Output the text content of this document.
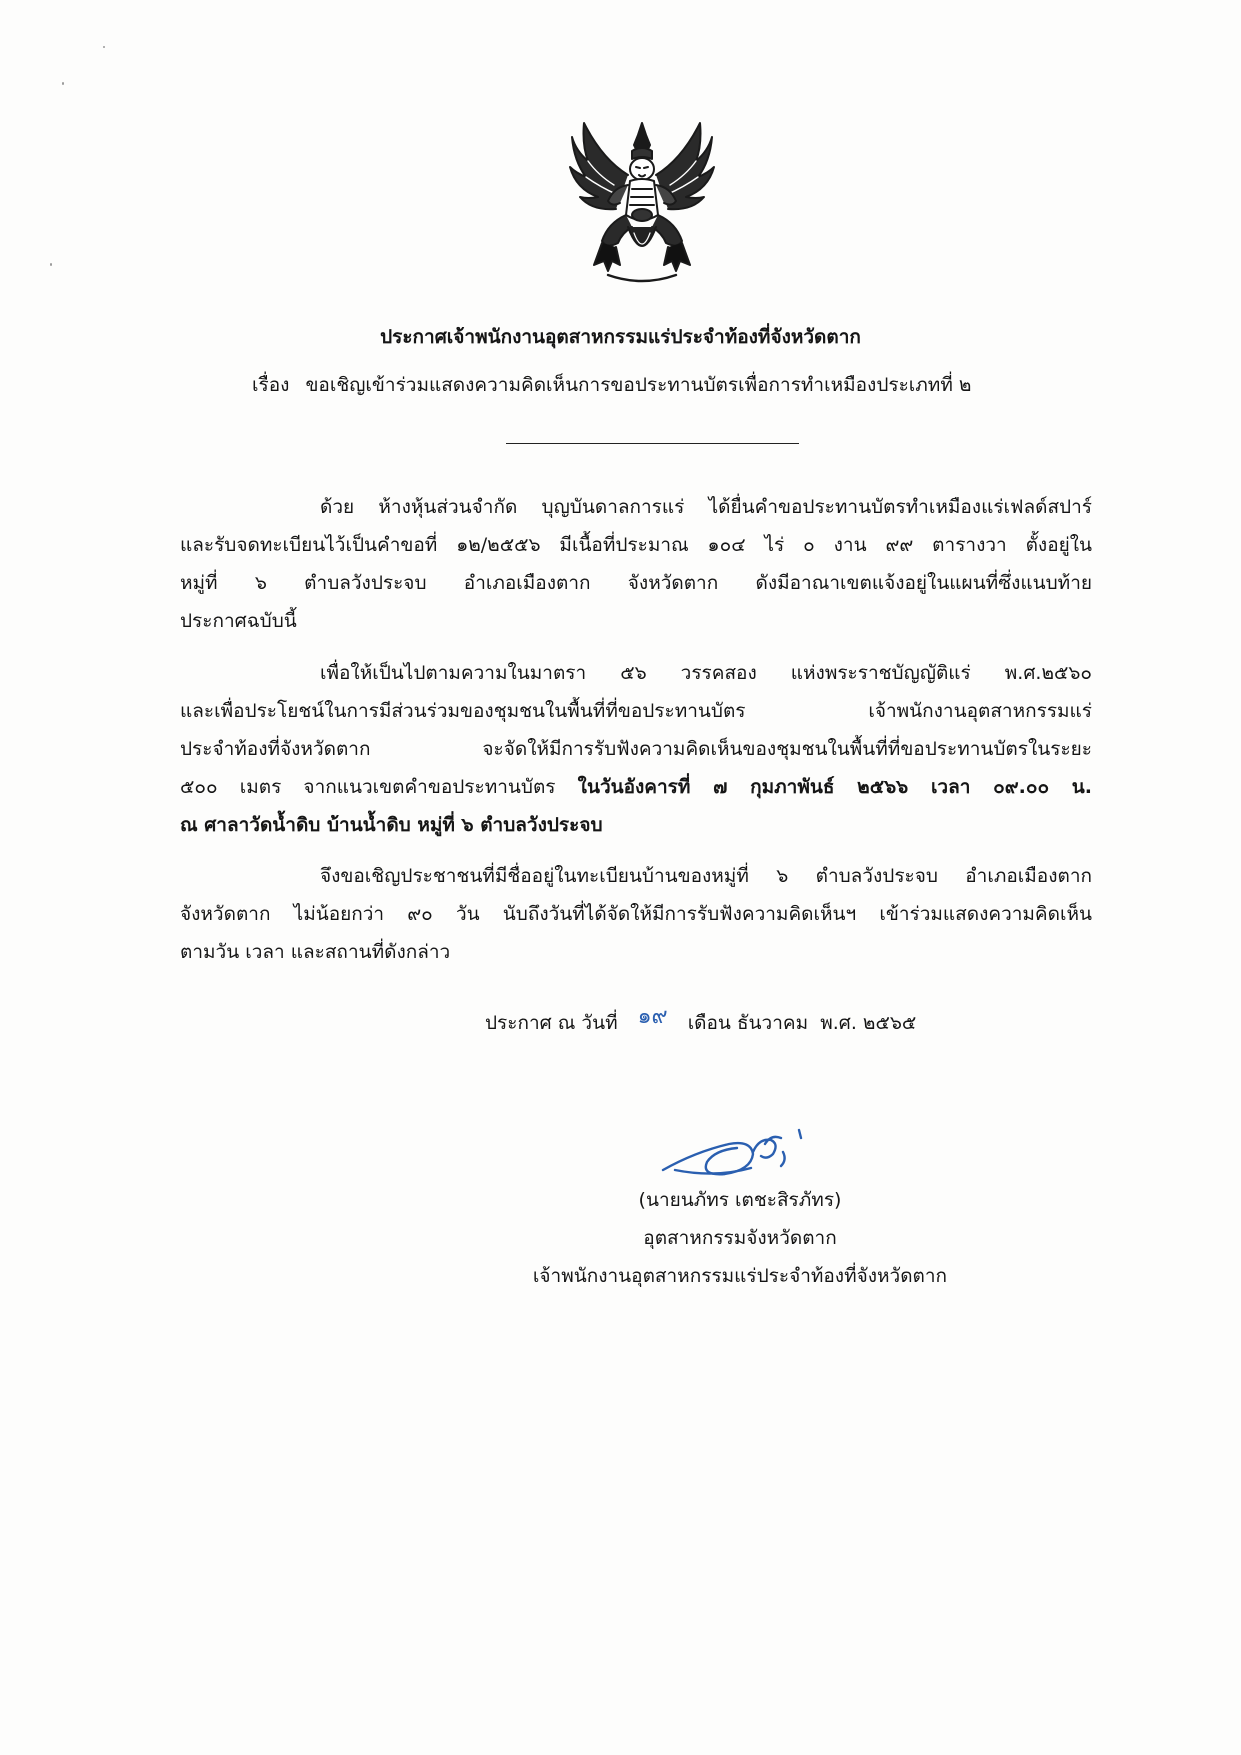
ประกาศเจ้าพนักงานอุตสาหกรรมแร่ประจำท้องที่จังหวัดตาก
เรื่อง ขอเชิญเข้าร่วมแสดงความคิดเห็นการขอประทานบัตรเพื่อการทำเหมืองประเภทที่ ๒
ด้วย ห้างหุ้นส่วนจำกัด บุญบันดาลการแร่ ได้ยื่นคำขอประทานบัตรทำเหมืองแร่เฟลด์สปาร์
และรับจดทะเบียนไว้เป็นคำขอที่ ๑๒/๒๕๕๖ มีเนื้อที่ประมาณ ๑๐๔ ไร่ ๐ งาน ๙๙ ตารางวา ตั้งอยู่ใน
หมู่ที่ ๖ ตำบลวังประจบ อำเภอเมืองตาก จังหวัดตาก ดังมีอาณาเขตแจ้งอยู่ในแผนที่ซึ่งแนบท้าย
ประกาศฉบับนี้
เพื่อให้เป็นไปตามความในมาตรา ๕๖ วรรคสอง แห่งพระราชบัญญัติแร่ พ.ศ.๒๕๖๐
และเพื่อประโยชน์ในการมีส่วนร่วมของชุมชนในพื้นที่ที่ขอประทานบัตร เจ้าพนักงานอุตสาหกรรมแร่
ประจำท้องที่จังหวัดตาก จะจัดให้มีการรับฟังความคิดเห็นของชุมชนในพื้นที่ที่ขอประทานบัตรในระยะ
๕๐๐ เมตร จากแนวเขตคำขอประทานบัตร ในวันอังคารที่ ๗ กุมภาพันธ์ ๒๕๖๖ เวลา ๐๙.๐๐ น.
ณ ศาลาวัดน้ำดิบ บ้านน้ำดิบ หมู่ที่ ๖ ตำบลวังประจบ
จึงขอเชิญประชาชนที่มีชื่ออยู่ในทะเบียนบ้านของหมู่ที่ ๖ ตำบลวังประจบ อำเภอเมืองตาก
จังหวัดตาก ไม่น้อยกว่า ๙๐ วัน นับถึงวันที่ได้จัดให้มีการรับฟังความคิดเห็นฯ เข้าร่วมแสดงความคิดเห็น
ตามวัน เวลา และสถานที่ดังกล่าว
ประกาศ ณ วันที่ ๑๙ เดือน ธันวาคม พ.ศ. ๒๕๖๕
(นายนภัทร เตชะสิรภัทร)
อุตสาหกรรมจังหวัดตาก
เจ้าพนักงานอุตสาหกรรมแร่ประจำท้องที่จังหวัดตาก
